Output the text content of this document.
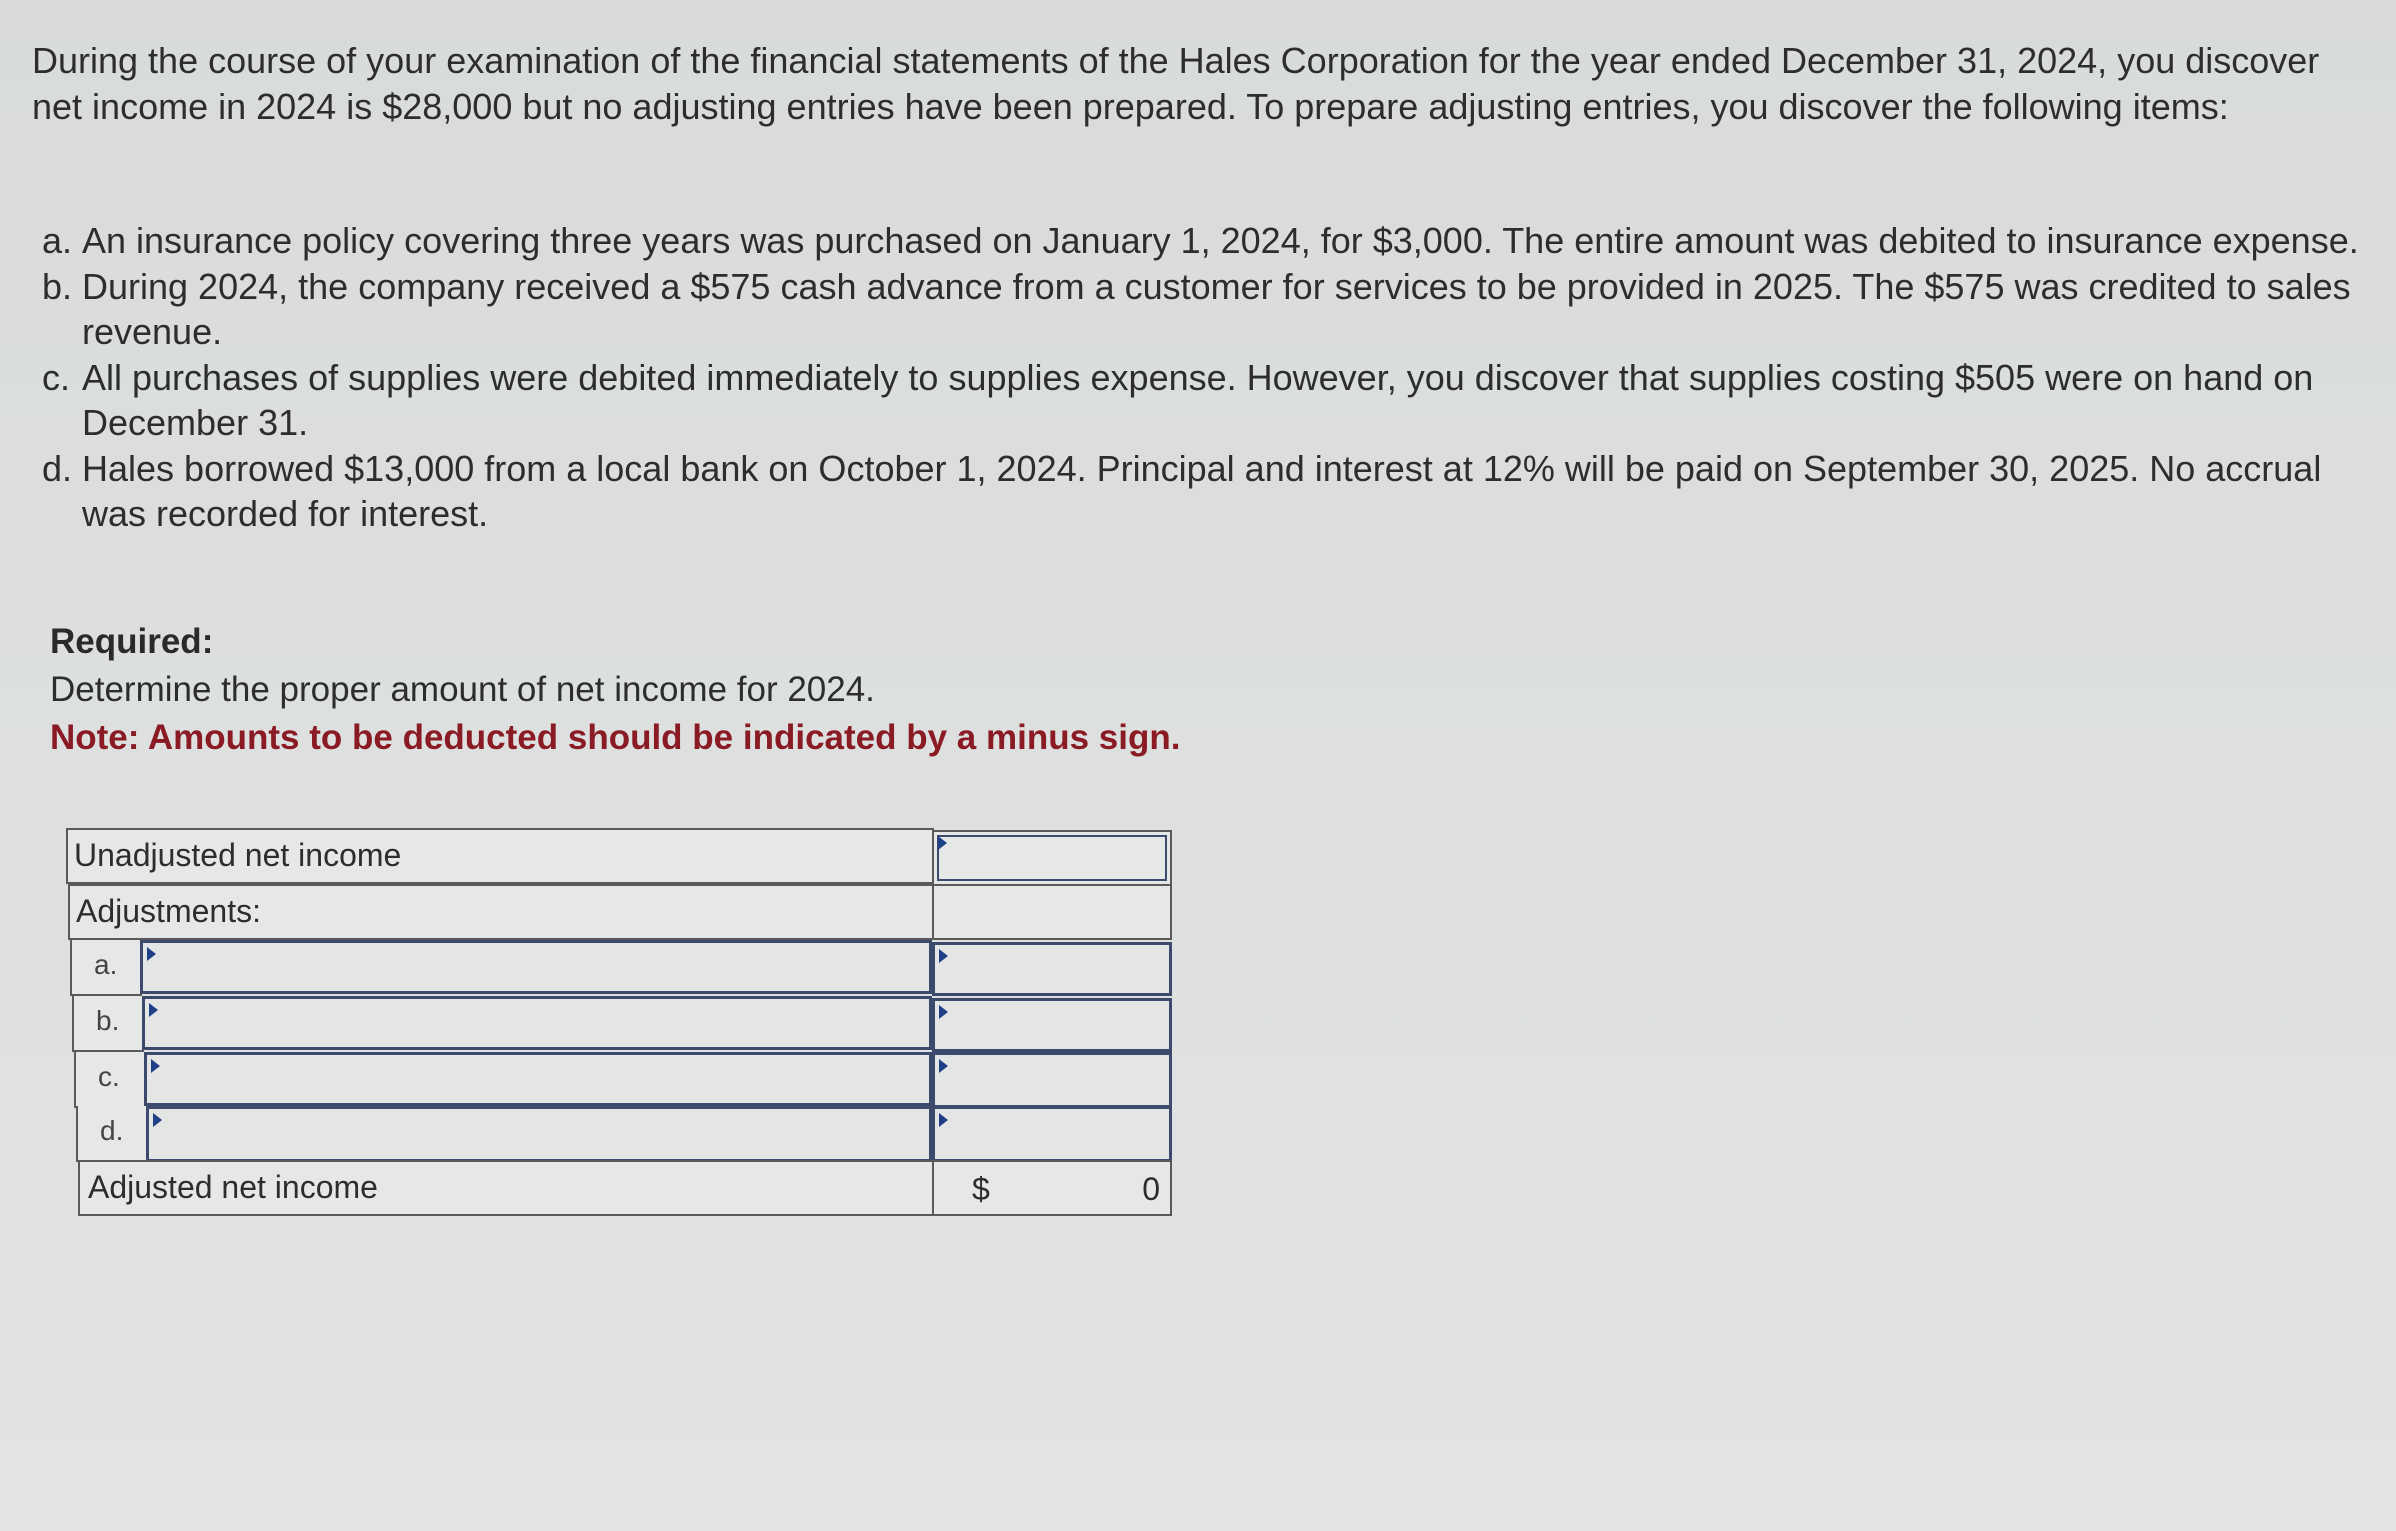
During the course of your examination of the financial statements of the Hales Corporation for the year ended December 31, 2024, you discover net income in 2024 is $28,000 but no adjusting entries have been prepared. To prepare adjusting entries, you discover the following items:

a. An insurance policy covering three years was purchased on January 1, 2024, for $3,000. The entire amount was debited to insurance expense.
b. During 2024, the company received a $575 cash advance from a customer for services to be provided in 2025. The $575 was credited to sales revenue.
c. All purchases of supplies were debited immediately to supplies expense. However, you discover that supplies costing $505 were on hand on December 31.
d. Hales borrowed $13,000 from a local bank on October 1, 2024. Principal and interest at 12% will be paid on September 30, 2025. No accrual was recorded for interest.
Required:
Determine the proper amount of net income for 2024.
Note: Amounts to be deducted should be indicated by a minus sign.
Unadjusted net income
Adjustments:
a.
b.
c.
d.
Adjusted net income	$	0
